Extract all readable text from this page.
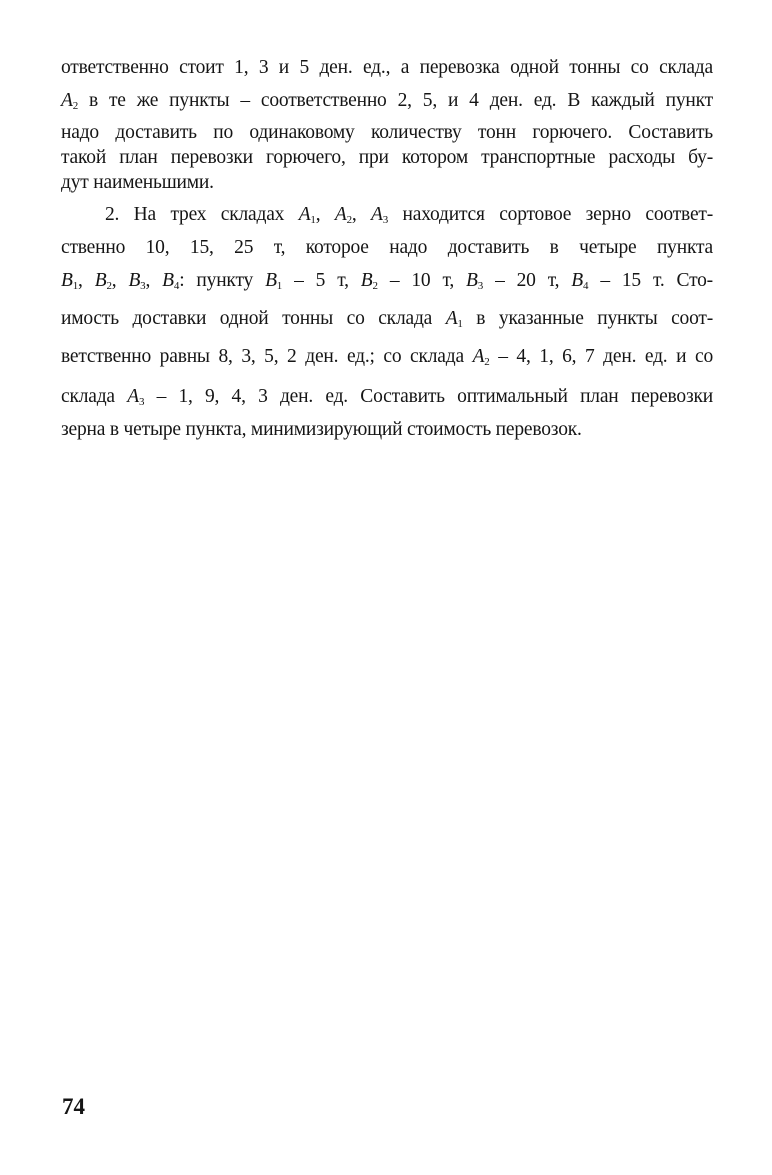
ответственно стоит 1, 3 и 5 ден. ед., а перевозка одной тонны со склада
$A_2$ в те же пункты – соответственно 2, 5, и 4 ден. ед. В каждый пункт
надо доставить по одинаковому количеству тонн горючего. Составить
такой план перевозки горючего, при котором транспортные расходы бу-
дут наименьшими.
2. На трех складах $A_1$, $A_2$, $A_3$ находится сортовое зерно соответ-
ственно 10, 15, 25 т, которое надо доставить в четыре пункта
$B_1$, $B_2$, $B_3$, $B_4$: пункту $B_1 - 5$ т, $B_2 - 10$ т, $B_3 - 20$ т, $B_4 - 15$ т. Сто-
имость доставки одной тонны со склада $A_1$ в указанные пункты соот-
ветственно равны 8, 3, 5, 2 ден. ед.; со склада $A_2 - 4$, 1, 6, 7 ден. ед. и со
склада $A_3 - 1$, 9, 4, 3 ден. ед. Составить оптимальный план перевозки
зерна в четыре пункта, минимизирующий стоимость перевозок.
74
